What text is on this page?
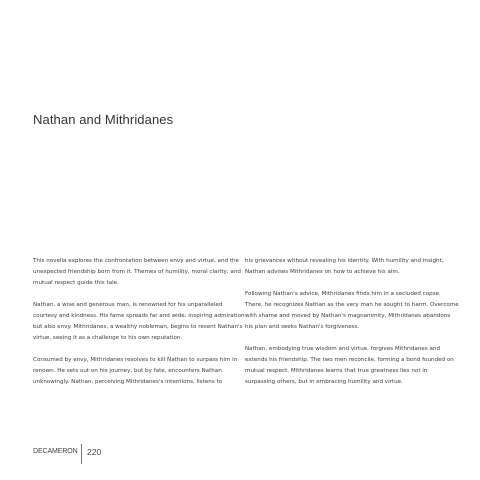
Nathan and Mithridanes

This novella explores the confrontation between envy and virtue, and the unexpected friendship born from it. Themes of humility, moral clarity, and mutual respect guide this tale.

Nathan, a wise and generous man, is renowned for his unparalleled courtesy and kindness. His fame spreads far and wide, inspiring admiration but also envy. Mithridanes, a wealthy nobleman, begins to resent Nathan's virtue, seeing it as a challenge to his own reputation.

Consumed by envy, Mithridanes resolves to kill Nathan to surpass him in renown. He sets out on his journey, but by fate, encounters Nathan unknowingly. Nathan, perceiving Mithridanes's intentions, listens to

his grievances without revealing his identity. With humility and insight, Nathan advises Mithridanes on how to achieve his aim.

Following Nathan's advice, Mithridanes finds him in a secluded copse. There, he recognizes Nathan as the very man he sought to harm. Overcome with shame and moved by Nathan's magnanimity, Mithridanes abandons his plan and seeks Nathan's forgiveness.

Nathan, embodying true wisdom and virtue, forgives Mithridanes and extends his friendship. The two men reconcile, forming a bond founded on mutual respect. Mithridanes learns that true greatness lies not in surpassing others, but in embracing humility and virtue.

DECAMERON 220
